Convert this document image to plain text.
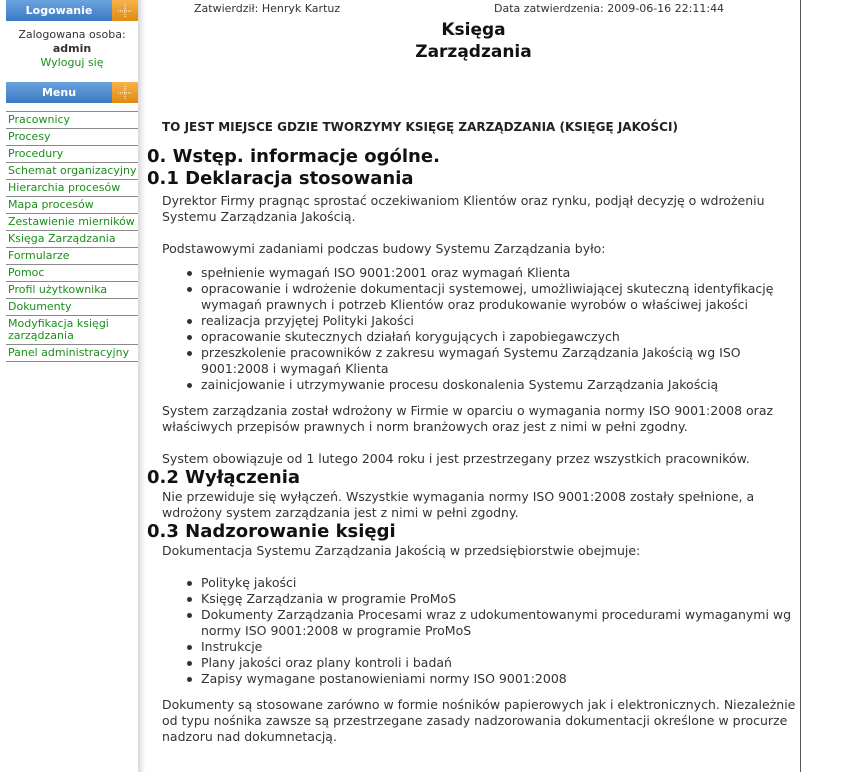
Logowanie
Zalogowana osoba:
admin
Wyloguj się
Menu
Pracownicy
Procesy
Procedury
Schemat organizacyjny
Hierarchia procesów
Mapa procesów
Zestawienie mierników
Księga Zarządzania
Formularze
Pomoc
Profil użytkownika
Dokumenty
Modyfikacja księgi zarządzania
Panel administracyjny
Zatwierdził: Henryk Kartuz	Data zatwierdzenia: 2009-06-16 22:11:44
Księga
Zarządzania
TO JEST MIEJSCE GDZIE TWORZYMY KSIĘGĘ ZARZĄDZANIA (KSIĘGĘ JAKOŚCI)
0. Wstęp. informacje ogólne.
0.1 Deklaracja stosowania

Dyrektor Firmy pragnąc sprostać oczekiwaniom Klientów oraz rynku, podjął decyzję o wdrożeniu Systemu Zarządzania Jakością.

Podstawowymi zadaniami podczas budowy Systemu Zarządzania było:

spełnienie wymagań ISO 9001:2001 oraz wymagań Klienta
opracowanie i wdrożenie dokumentacji systemowej, umożliwiającej skuteczną identyfikację wymagań prawnych i potrzeb Klientów oraz produkowanie wyrobów o właściwej jakości
realizacja przyjętej Polityki Jakości
opracowanie skutecznych działań korygujących i zapobiegawczych
przeszkolenie pracowników z zakresu wymagań Systemu Zarządzania Jakością wg ISO 9001:2008 i wymagań Klienta
zainicjowanie i utrzymywanie procesu doskonalenia Systemu Zarządzania Jakością

System zarządzania został wdrożony w Firmie w oparciu o wymagania normy ISO 9001:2008 oraz właściwych przepisów prawnych i norm branżowych oraz jest z nimi w pełni zgodny.

System obowiązuje od 1 lutego 2004 roku i jest przestrzegany przez wszystkich pracowników.

0.2 Wyłączenia

Nie przewiduje się wyłączeń. Wszystkie wymagania normy ISO 9001:2008 zostały spełnione, a wdrożony system zarządzania jest z nimi w pełni zgodny.

0.3 Nadzorowanie księgi

Dokumentacja Systemu Zarządzania Jakością w przedsiębiorstwie obejmuje:

Politykę jakości
Księgę Zarządzania w programie ProMoS
Dokumenty Zarządzania Procesami wraz z udokumentowanymi procedurami wymaganymi wg normy ISO 9001:2008 w programie ProMoS
Instrukcje
Plany jakości oraz plany kontroli i badań
Zapisy wymagane postanowieniami normy ISO 9001:2008

Dokumenty są stosowane zarówno w formie nośników papierowych jak i elektronicznych. Niezależnie od typu nośnika zawsze są przestrzegane zasady nadzorowania dokumentacji określone w procurze nadzoru nad dokumnetacją.
